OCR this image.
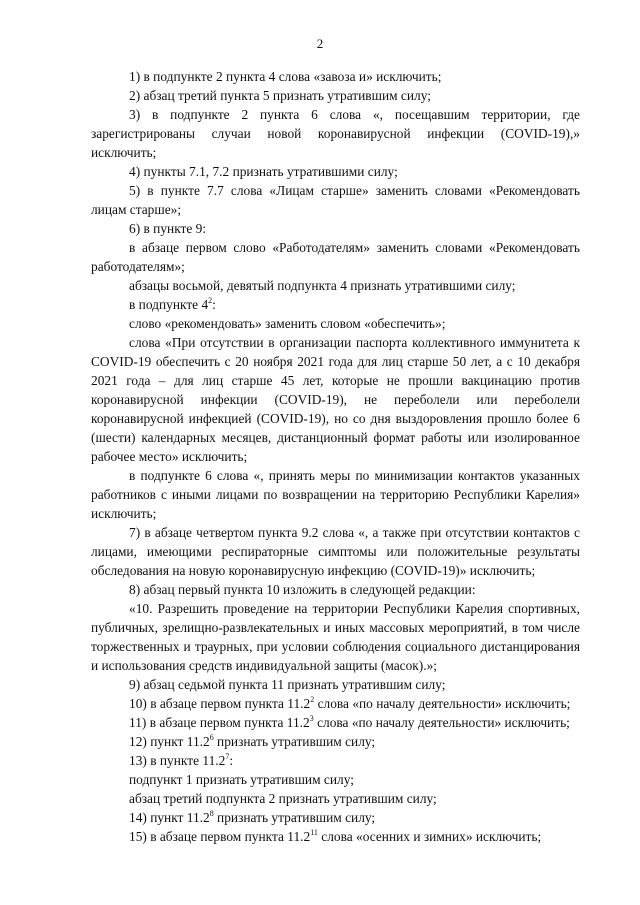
2

1) в подпункте 2 пункта 4 слова «завоза и» исключить;

2) абзац третий пункта 5 признать утратившим силу;

3) в подпункте 2 пункта 6 слова «, посещавшим территории, где зарегистрированы случаи новой коронавирусной инфекции (COVID-19),» исключить;

4) пункты 7.1, 7.2 признать утратившими силу;

5) в пункте 7.7 слова «Лицам старше» заменить словами «Рекомендовать лицам старше»;

6) в пункте 9:

в абзаце первом слово «Работодателям» заменить словами «Рекомендовать работодателям»;

абзацы восьмой, девятый подпункта 4 признать утратившими силу;

в подпункте $4^2$:

слово «рекомендовать» заменить словом «обеспечить»;

слова «При отсутствии в организации паспорта коллективного иммунитета к COVID-19 обеспечить с 20 ноября 2021 года для лиц старше 50 лет, а с 10 декабря 2021 года – для лиц старше 45 лет, которые не прошли вакцинацию против коронавирусной инфекции (COVID-19), не переболели или переболели коронавирусной инфекцией (COVID-19), но со дня выздоровления прошло более 6 (шести) календарных месяцев, дистанционный формат работы или изолированное рабочее место» исключить;

в подпункте 6 слова «, принять меры по минимизации контактов указанных работников с иными лицами по возвращении на территорию Республики Карелия» исключить;

7) в абзаце четвертом пункта 9.2 слова «, а также при отсутствии контактов с лицами, имеющими респираторные симптомы или положительные результаты обследования на новую коронавирусную инфекцию (COVID-19)» исключить;

8) абзац первый пункта 10 изложить в следующей редакции:

«10. Разрешить проведение на территории Республики Карелия спортивных, публичных, зрелищно-развлекательных и иных массовых мероприятий, в том числе торжественных и траурных, при условии соблюдения социального дистанцирования и использования средств индивидуальной защиты (масок).»;

9) абзац седьмой пункта 11 признать утратившим силу;

10) в абзаце первом пункта 11.2$^2$ слова «по началу деятельности» исключить;

11) в абзаце первом пункта 11.2$^3$ слова «по началу деятельности» исключить;

12) пункт 11.2$^6$ признать утратившим силу;

13) в пункте 11.2$^7$:

подпункт 1 признать утратившим силу;

абзац третий подпункта 2 признать утратившим силу;

14) пункт 11.2$^8$ признать утратившим силу;

15) в абзаце первом пункта 11.2$^{11}$ слова «осенних и зимних» исключить;
